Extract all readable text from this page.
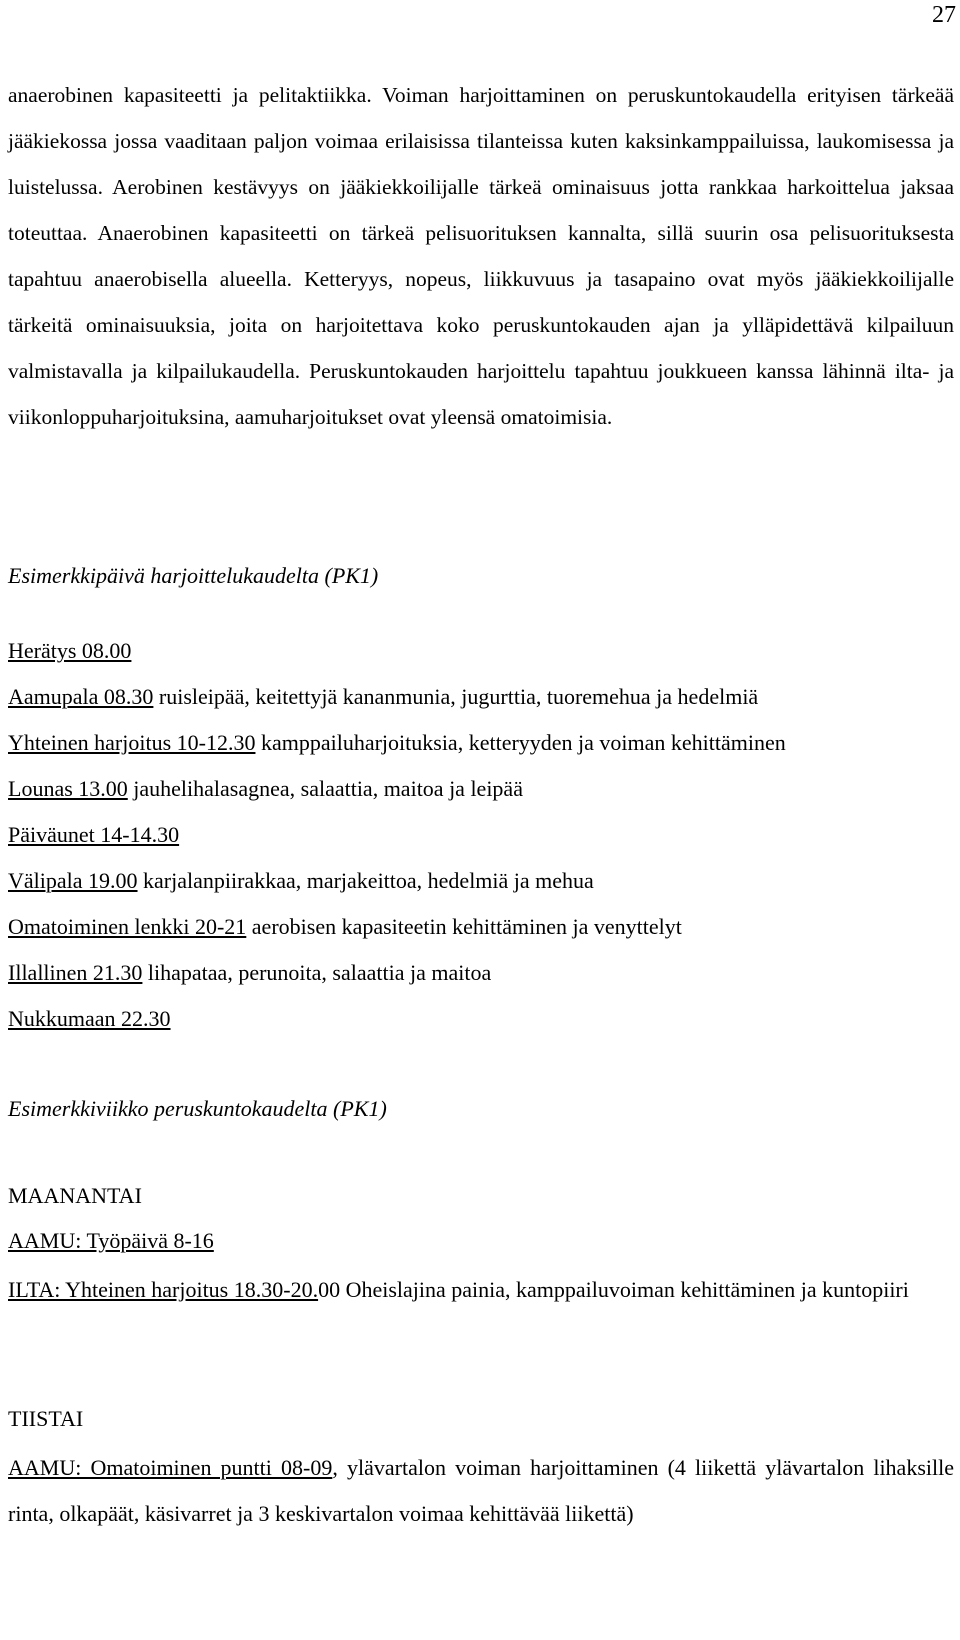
27

anaerobinen kapasiteetti ja pelitaktiikka. Voiman harjoittaminen on peruskuntokaudella erityisen tärkeää jääkiekossa jossa vaaditaan paljon voimaa erilaisissa tilanteissa kuten kaksinkamppailuissa, laukomisessa ja luistelussa. Aerobinen kestävyys on jääkiekkoilijalle tärkeä ominaisuus jotta rankkaa harkoittelua jaksaa toteuttaa. Anaerobinen kapasiteetti on tärkeä pelisuorituksen kannalta, sillä suurin osa pelisuorituksesta tapahtuu anaerobisella alueella. Ketteryys, nopeus, liikkuvuus ja tasapaino ovat myös jääkiekkoilijalle tärkeitä ominaisuuksia, joita on harjoitettava koko peruskuntokauden ajan ja ylläpidettävä kilpailuun valmistavalla ja kilpailukaudella. Peruskuntokauden harjoittelu tapahtuu joukkueen kanssa lähinnä ilta- ja viikonloppuharjoituksina, aamuharjoitukset ovat yleensä omatoimisia.

Esimerkkipäivä harjoittelukaudelta (PK1)

Herätys 08.00
Aamupala 08.30 ruisleipää, keitettyjä kananmunia, jugurttia, tuoremehua ja hedelmiä
Yhteinen harjoitus 10-12.30 kamppailuharjoituksia, ketteryyden ja voiman kehittäminen
Lounas 13.00 jauhelihalasagnea, salaattia, maitoa ja leipää
Päiväunet 14-14.30
Välipala 19.00 karjalanpiirakkaa, marjakeittoa, hedelmiä ja mehua
Omatoiminen lenkki 20-21 aerobisen kapasiteetin kehittäminen ja venyttelyt
Illallinen 21.30 lihapataa, perunoita, salaattia ja maitoa
Nukkumaan 22.30

Esimerkkiviikko peruskuntokaudelta (PK1)

MAANANTAI

AAMU: Työpäivä 8-16

ILTA: Yhteinen harjoitus 18.30-20.00 Oheislajina painia, kamppailuvoiman kehittäminen ja kuntopiiri

TIISTAI

AAMU: Omatoiminen puntti 08-09, ylävartalon voiman harjoittaminen (4 liikettä ylävartalon lihaksille rinta, olkapäät, käsivarret ja 3 keskivartalon voimaa kehittävää liikettä)
